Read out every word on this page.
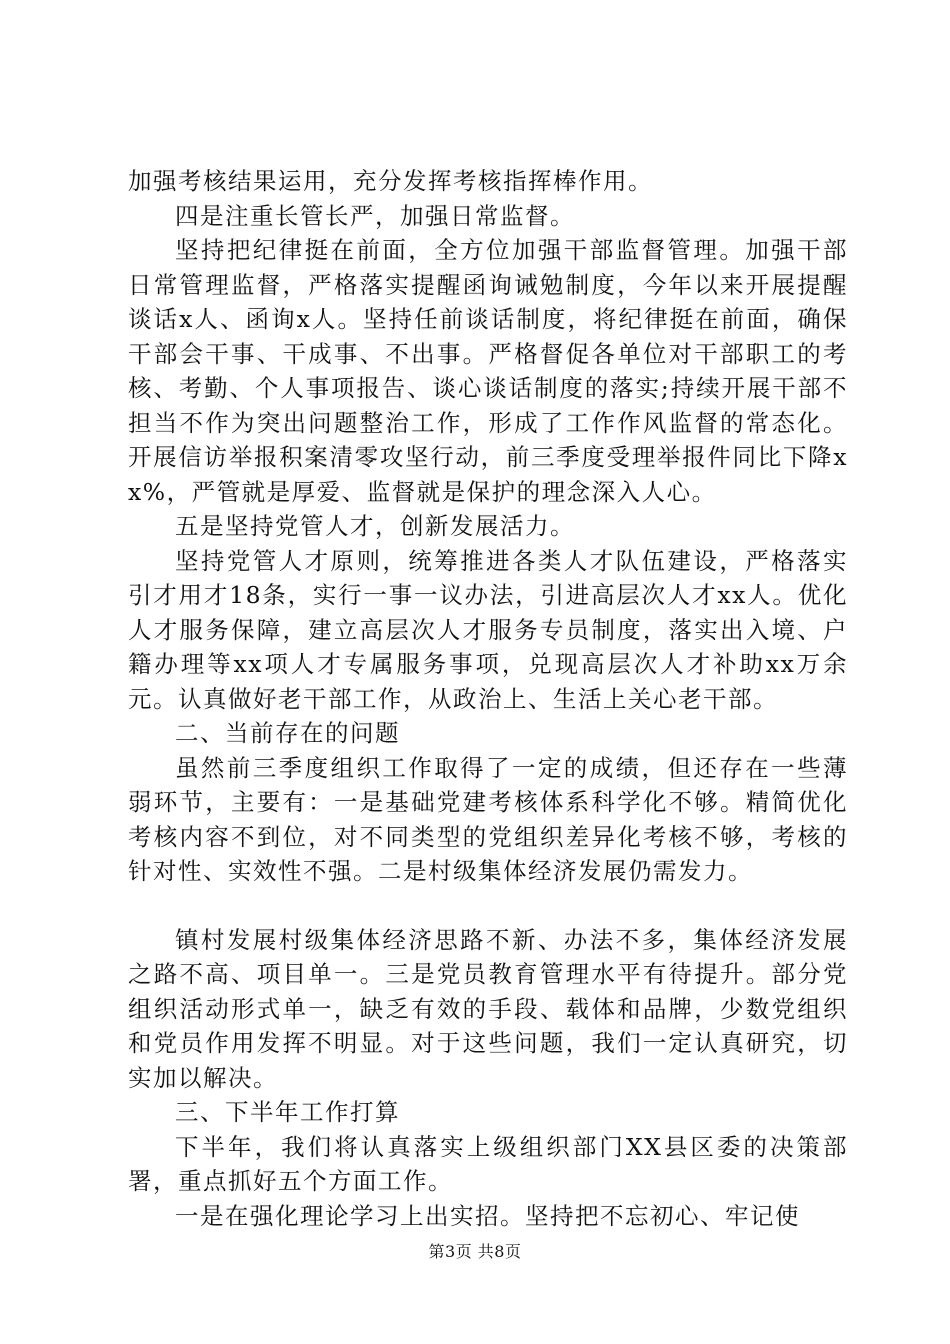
加强考核结果运用，充分发挥考核指挥棒作用。

四是注重长管长严，加强日常监督。

坚持把纪律挺在前面，全方位加强干部监督管理。加强干部日常管理监督，严格落实提醒函询诫勉制度，今年以来开展提醒谈话x人、函询x人。坚持任前谈话制度，将纪律挺在前面，确保干部会干事、干成事、不出事。严格督促各单位对干部职工的考核、考勤、个人事项报告、谈心谈话制度的落实;持续开展干部不担当不作为突出问题整治工作，形成了工作作风监督的常态化。开展信访举报积案清零攻坚行动，前三季度受理举报件同比下降xx%，严管就是厚爱、监督就是保护的理念深入人心。

五是坚持党管人才，创新发展活力。

坚持党管人才原则，统筹推进各类人才队伍建设，严格落实引才用才18条，实行一事一议办法，引进高层次人才xx人。优化人才服务保障，建立高层次人才服务专员制度，落实出入境、户籍办理等xx项人才专属服务事项，兑现高层次人才补助xx万余元。认真做好老干部工作，从政治上、生活上关心老干部。

二、当前存在的问题

虽然前三季度组织工作取得了一定的成绩，但还存在一些薄弱环节，主要有：一是基础党建考核体系科学化不够。精简优化考核内容不到位，对不同类型的党组织差异化考核不够，考核的针对性、实效性不强。二是村级集体经济发展仍需发力。

镇村发展村级集体经济思路不新、办法不多，集体经济发展之路不高、项目单一。三是党员教育管理水平有待提升。部分党组织活动形式单一，缺乏有效的手段、载体和品牌，少数党组织和党员作用发挥不明显。对于这些问题，我们一定认真研究，切实加以解决。

三、下半年工作打算

下半年，我们将认真落实上级组织部门XX县区委的决策部署，重点抓好五个方面工作。

一是在强化理论学习上出实招。坚持把不忘初心、牢记使

第3页 共8页
